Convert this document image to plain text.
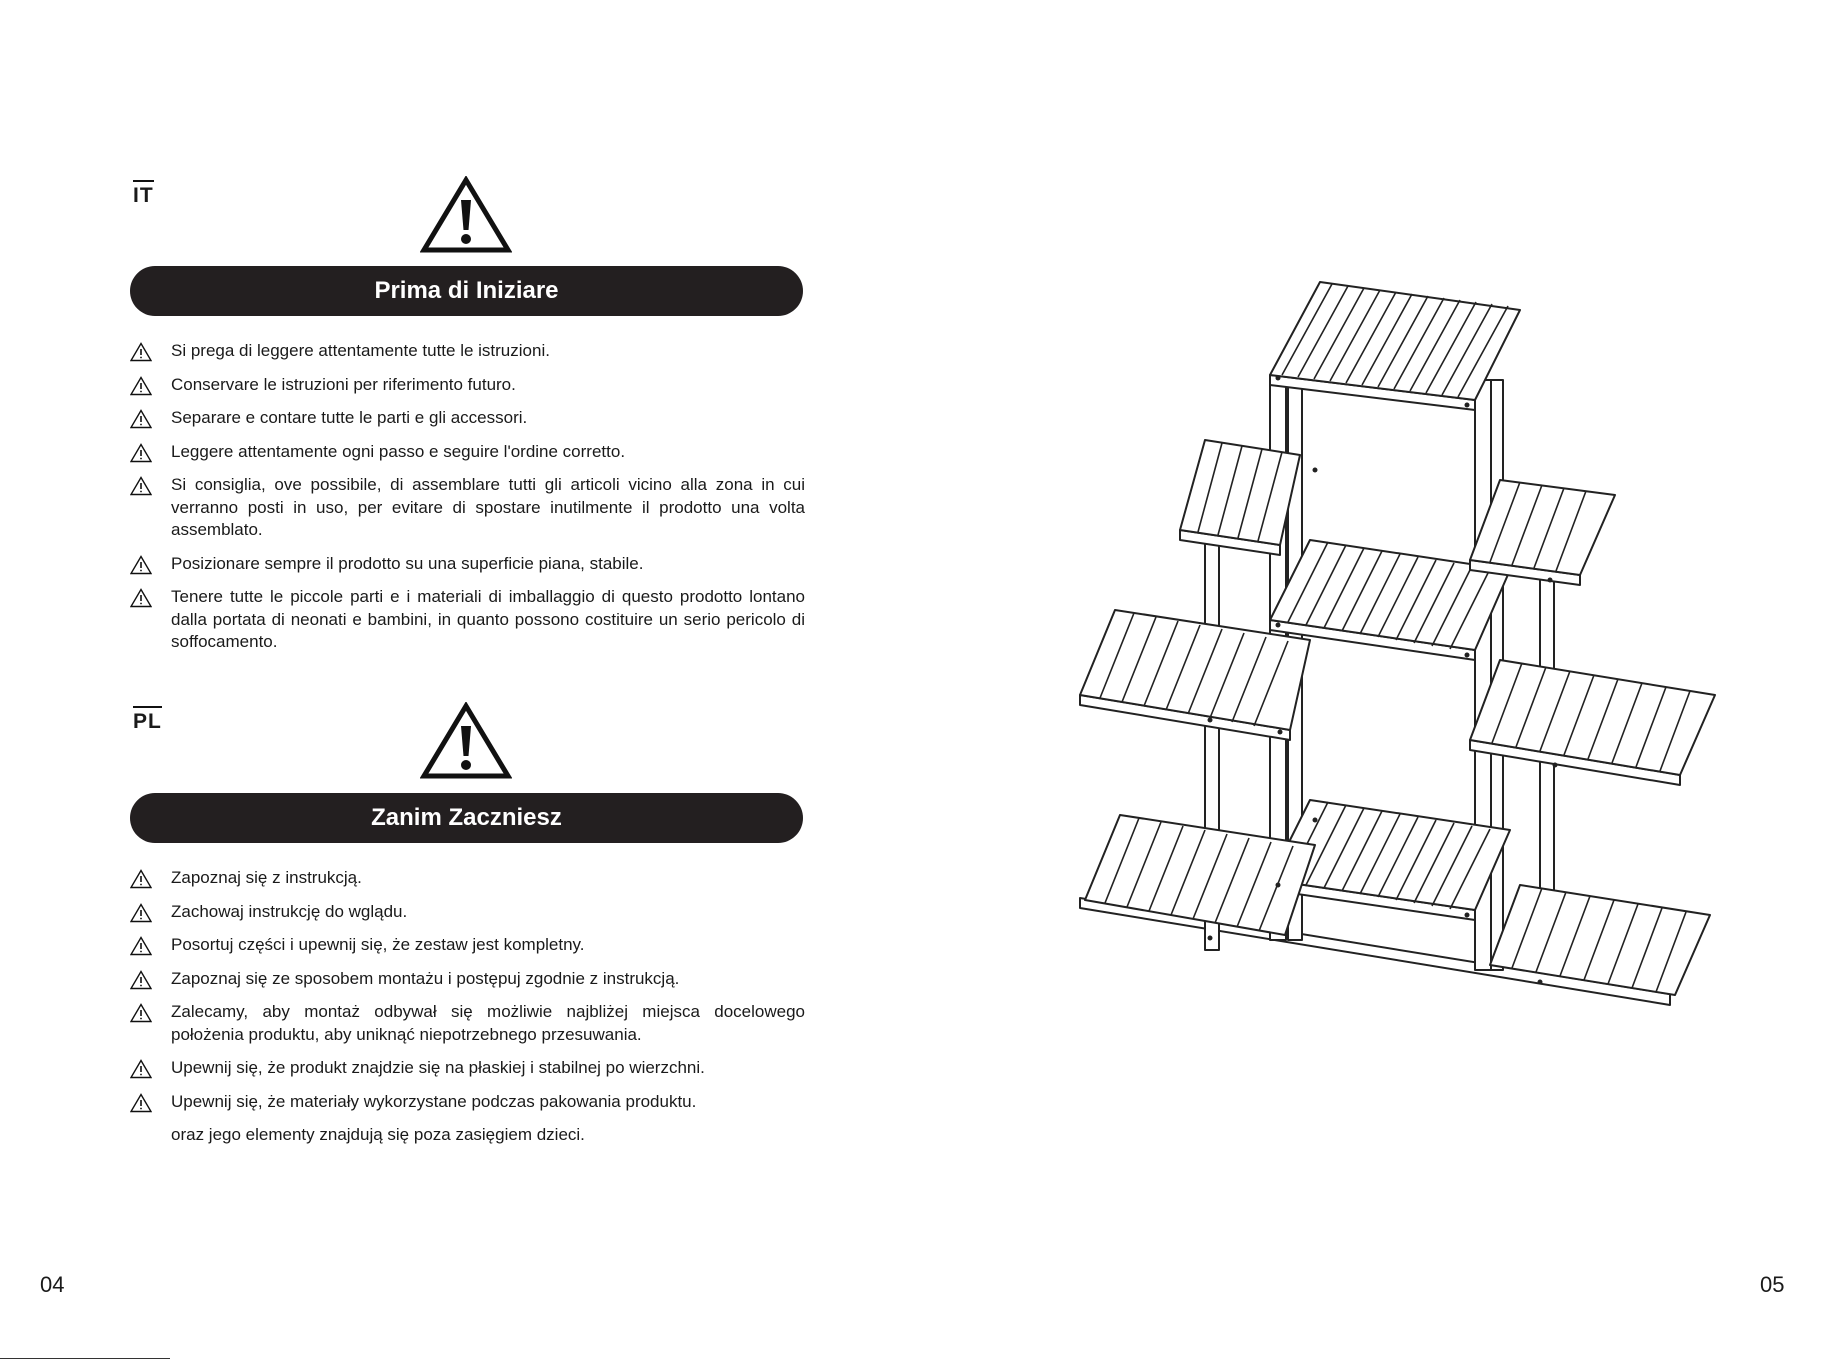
IT
Prima di Iniziare
Si prega di leggere attentamente tutte le istruzioni.
Conservare le istruzioni per riferimento futuro.
Separare e contare tutte le parti e gli accessori.
Leggere attentamente ogni passo e seguire l'ordine corretto.
Si consiglia, ove possibile, di assemblare tutti gli articoli vicino alla zona in cui verranno posti in uso, per evitare di spostare inutilmente il prodotto una volta assemblato.
Posizionare sempre il prodotto su una superficie piana, stabile.
Tenere tutte le piccole parti e i materiali di imballaggio di questo prodotto lontano dalla portata di neonati e bambini, in quanto possono costituire un serio pericolo di soffocamento.
PL
Zanim Zaczniesz
Zapoznaj się z instrukcją.
Zachowaj instrukcję do wglądu.
Posortuj części i upewnij się, że zestaw jest kompletny.
Zapoznaj się ze sposobem montażu i postępuj zgodnie z instrukcją.
Zalecamy, aby montaż odbywał się możliwie najbliżej miejsca docelowego położenia produktu, aby uniknąć niepotrzebnego przesuwania.
Upewnij się, że produkt znajdzie się na płaskiej i stabilnej po wierzchni.
Upewnij się, że materiały wykorzystane podczas pakowania produktu.
oraz jego elementy znajdują się poza zasięgiem dzieci.
04	05
